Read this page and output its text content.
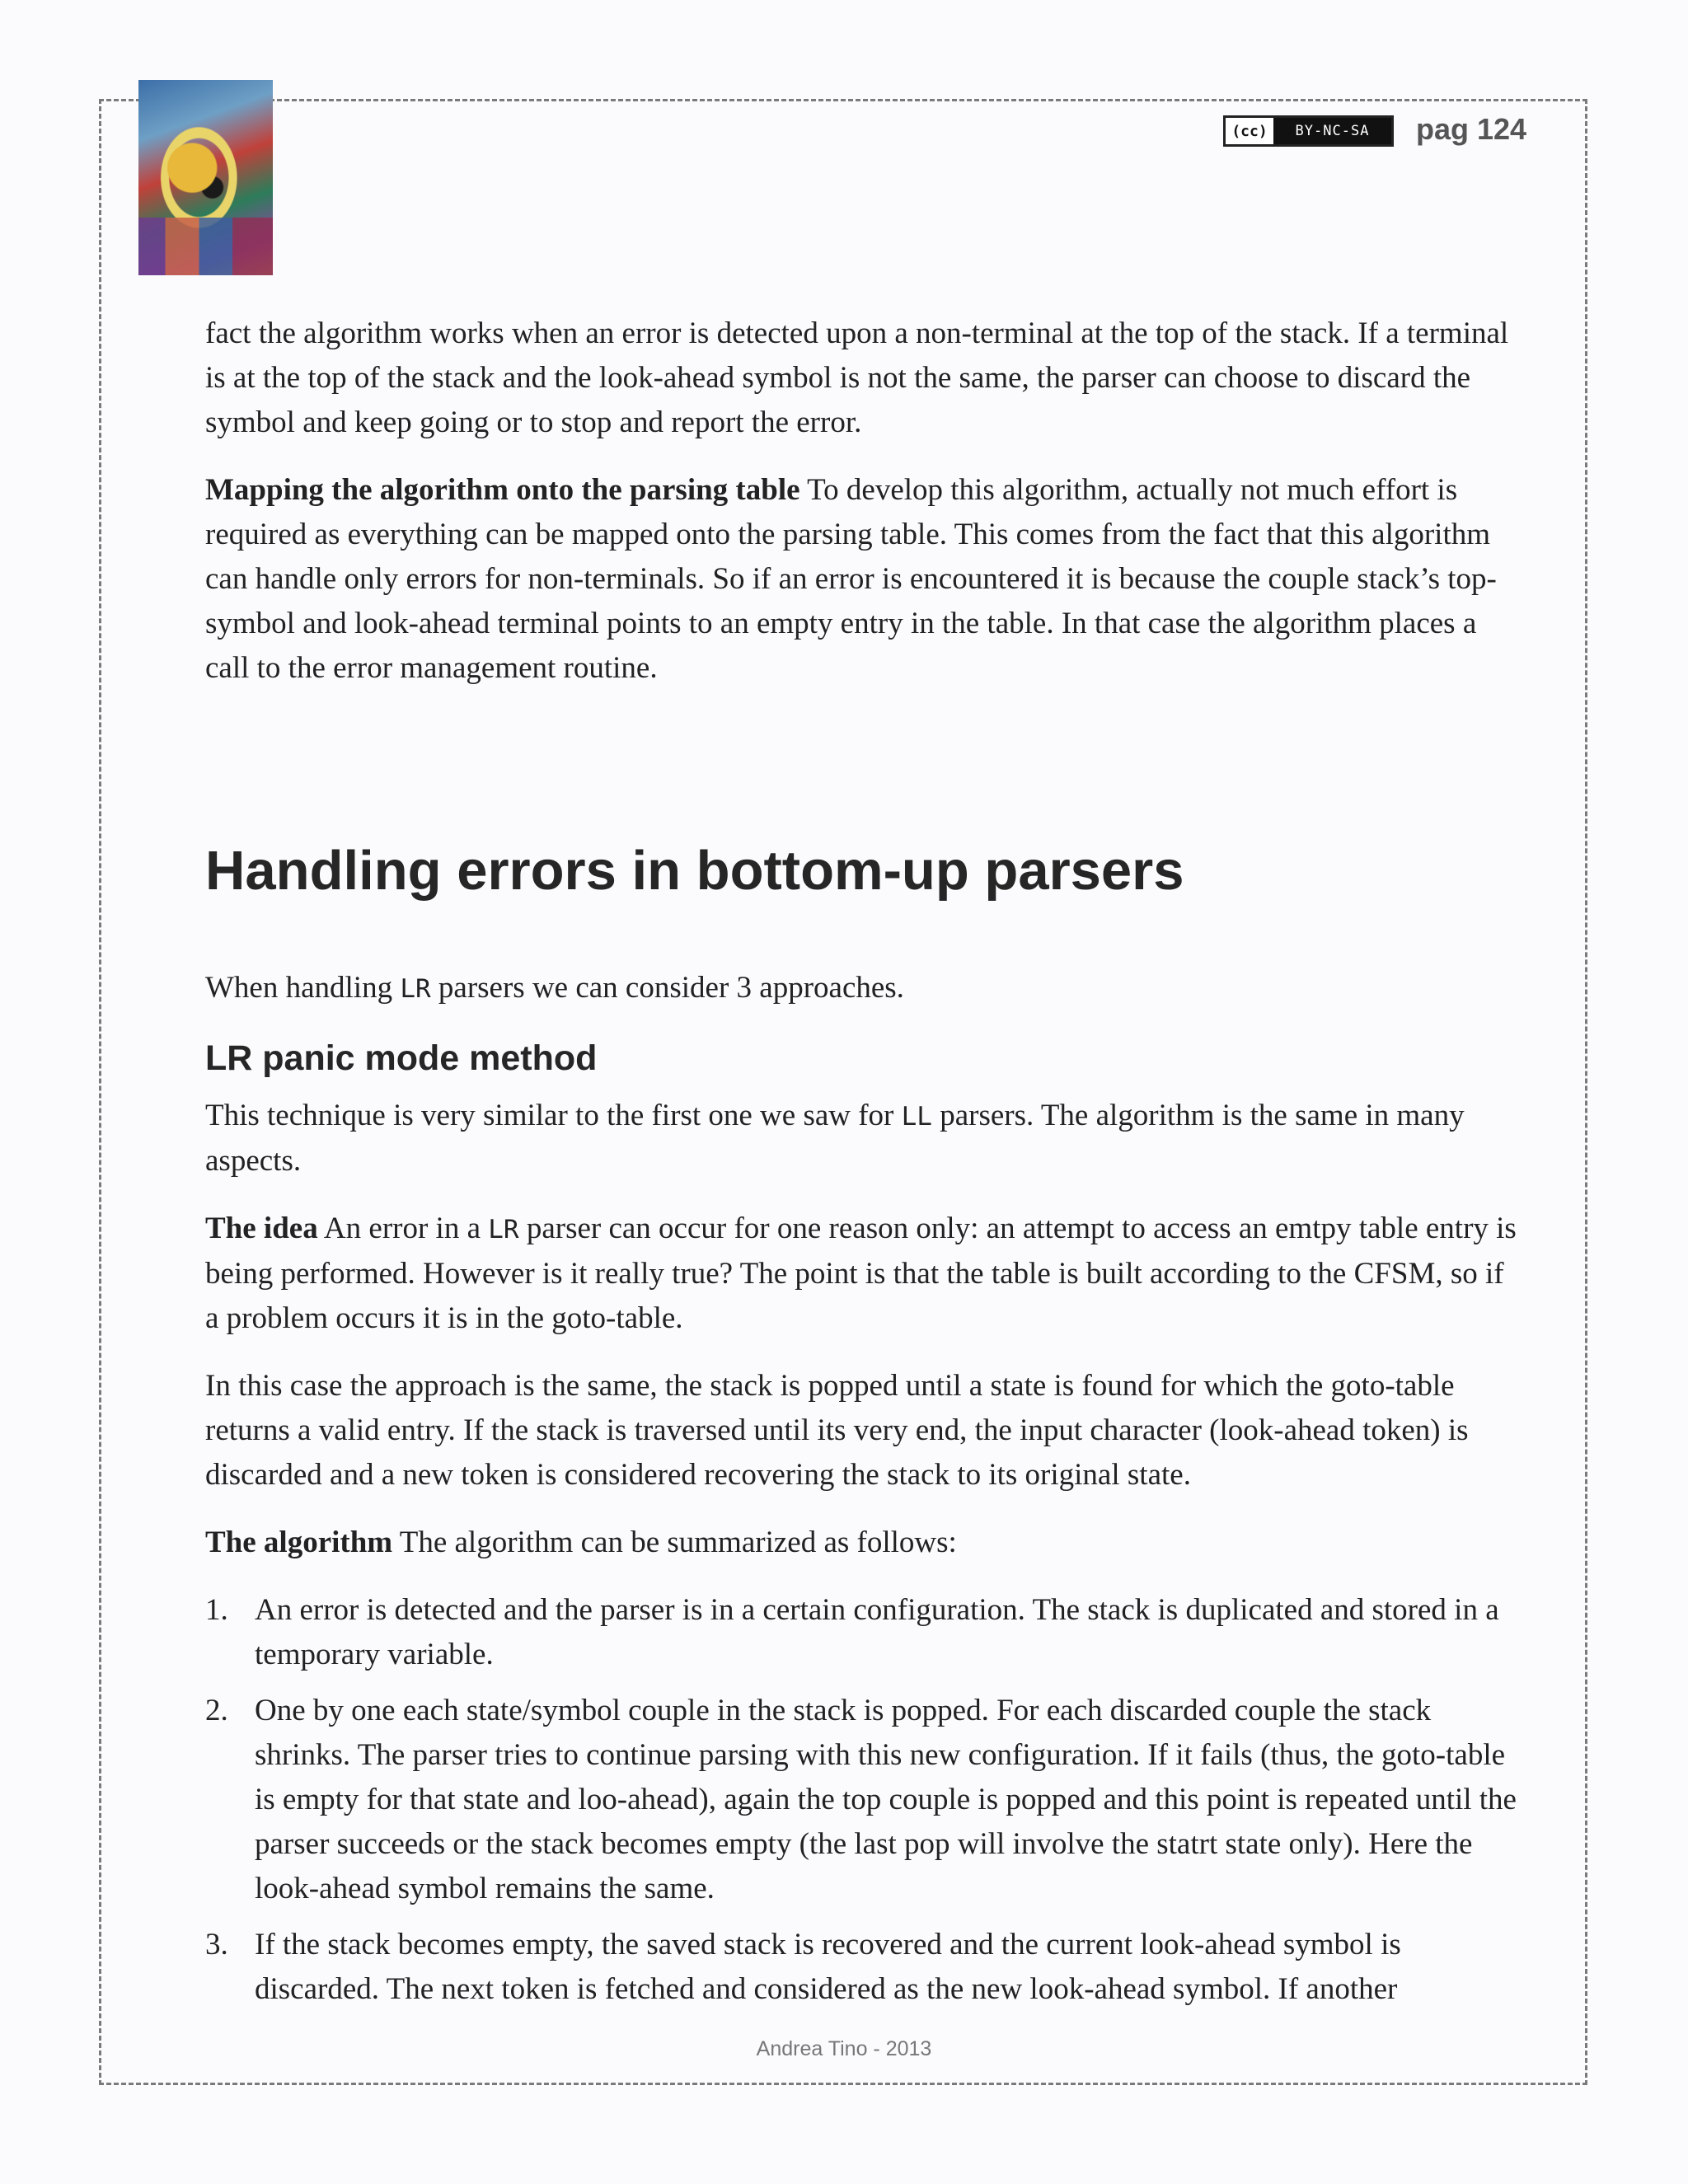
(cc)	BY-NC-SA	pag 124

fact the algorithm works when an error is detected upon a non-terminal at the top of the stack. If a terminal is at the top of the stack and the look-ahead symbol is not the same, the parser can choose to discard the symbol and keep going or to stop and report the error.

Mapping the algorithm onto the parsing table To develop this algorithm, actually not much effort is required as everything can be mapped onto the parsing table. This comes from the fact that this algorithm can handle only errors for non-terminals. So if an error is encountered it is because the couple stack’s top-symbol and look-ahead terminal points to an empty entry in the table. In that case the algorithm places a call to the error management routine.

Handling errors in bottom-up parsers

When handling LR parsers we can consider 3 approaches.

LR panic mode method

This technique is very similar to the first one we saw for LL parsers. The algorithm is the same in many aspects.

The idea An error in a LR parser can occur for one reason only: an attempt to access an emtpy table entry is being performed. However is it really true? The point is that the table is built according to the CFSM, so if a problem occurs it is in the goto-table.

In this case the approach is the same, the stack is popped until a state is found for which the goto-table returns a valid entry. If the stack is traversed until its very end, the input character (look-ahead token) is discarded and a new token is considered recovering the stack to its original state.

The algorithm The algorithm can be summarized as follows:

1. An error is detected and the parser is in a certain configuration. The stack is duplicated and stored in a temporary variable.
2. One by one each state/symbol couple in the stack is popped. For each discarded couple the stack shrinks. The parser tries to continue parsing with this new configuration. If it fails (thus, the goto-table is empty for that state and loo-ahead), again the top couple is popped and this point is repeated until the parser succeeds or the stack becomes empty (the last pop will involve the statrt state only). Here the look-ahead symbol remains the same.
3. If the stack becomes empty, the saved stack is recovered and the current look-ahead symbol is discarded. The next token is fetched and considered as the new look-ahead symbol. If another
Andrea Tino - 2013
